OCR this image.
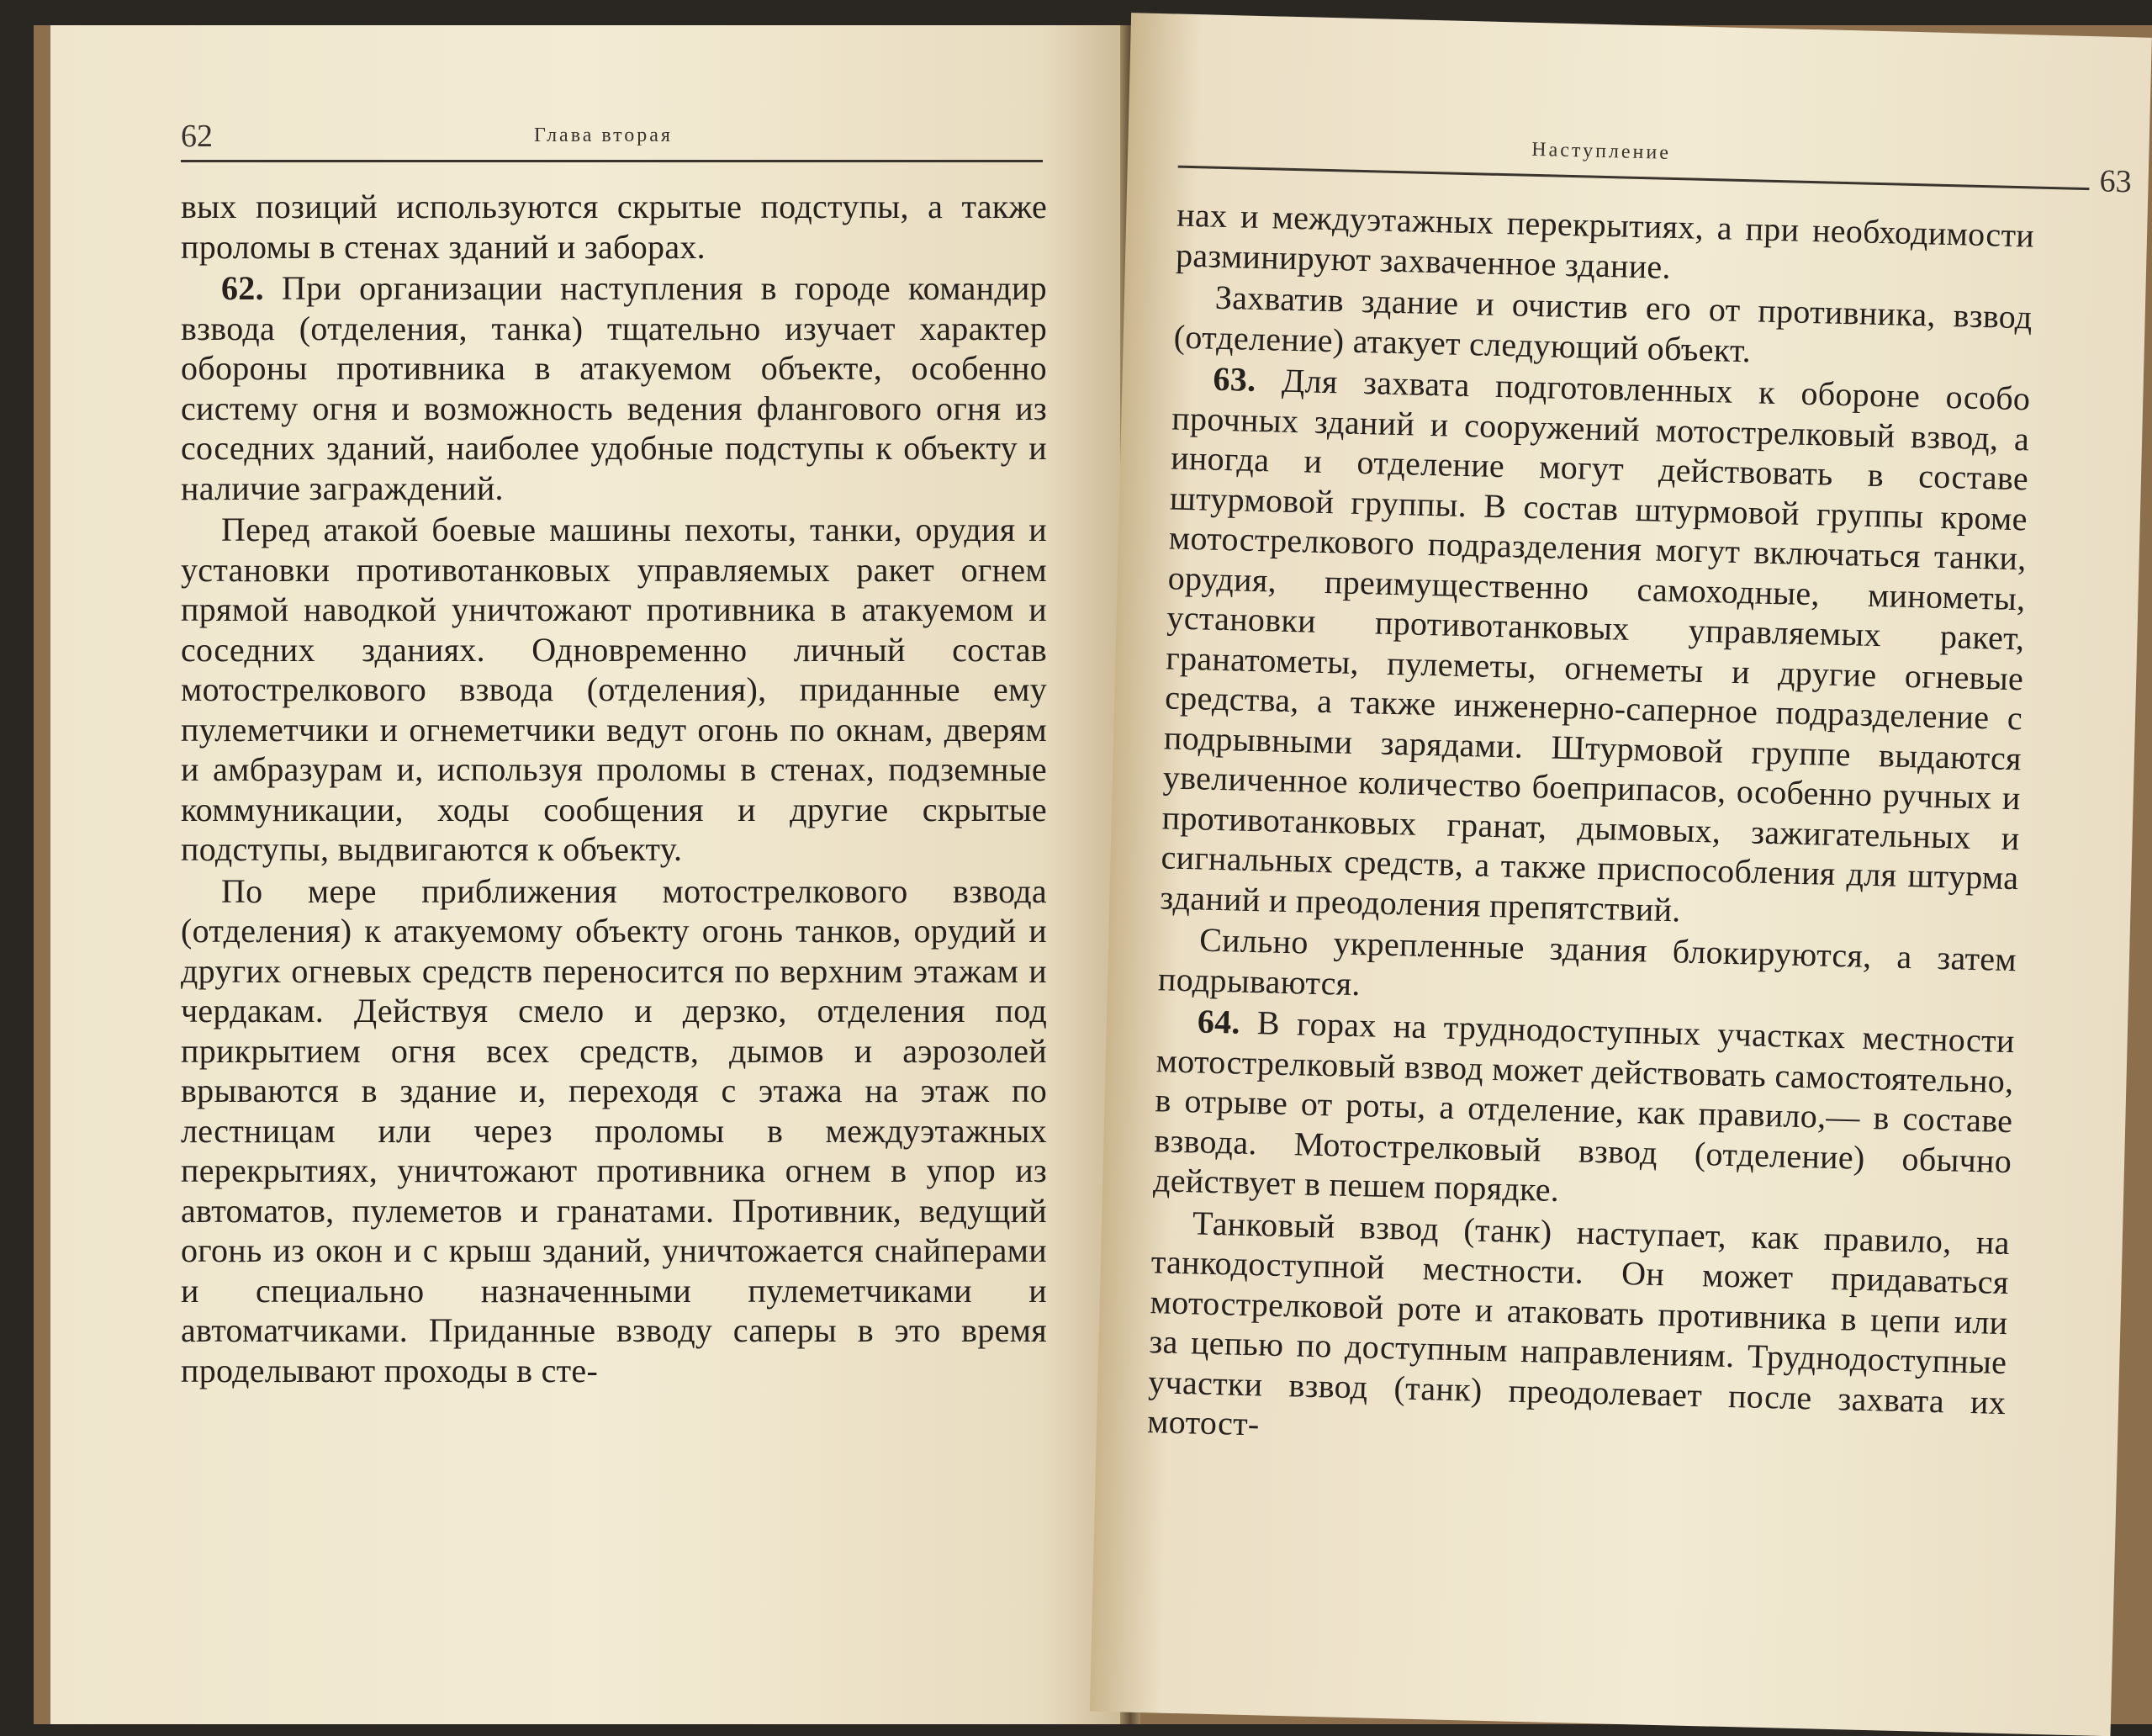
62	Глава вторая

вых позиций используются скрытые подступы, а также проломы в стенах зданий и заборах.

62. При организации наступления в городе командир взвода (отделения, танка) тщательно изучает характер обороны противника в атакуемом объекте, особенно систему огня и возможность ведения флангового огня из соседних зданий, наиболее удобные подступы к объекту и наличие заграждений.

Перед атакой боевые машины пехоты, танки, орудия и установки противотанковых управляемых ракет огнем прямой наводкой уничтожают противника в атакуемом и соседних зданиях. Одновременно личный состав мотострелкового взвода (отделения), приданные ему пулеметчики и огнеметчики ведут огонь по окнам, дверям и амбразурам и, используя проломы в стенах, подземные коммуникации, ходы сообщения и другие скрытые подступы, выдвигаются к объекту.

По мере приближения мотострелкового взвода (отделения) к атакуемому объекту огонь танков, орудий и других огневых средств переносится по верхним этажам и чердакам. Действуя смело и дерзко, отделения под прикрытием огня всех средств, дымов и аэрозолей врываются в здание и, переходя с этажа на этаж по лестницам или через проломы в междуэтажных перекрытиях, уничтожают противника огнем в упор из автоматов, пулеметов и гранатами. Противник, ведущий огонь из окон и с крыш зданий, уничтожается снайперами и специально назначенными пулеметчиками и автоматчиками. Приданные взводу саперы в это время проделывают проходы в сте-

Наступление
63

нах и междуэтажных перекрытиях, а при необходимости разминируют захваченное здание.

Захватив здание и очистив его от противника, взвод (отделение) атакует следующий объект.

63. Для захвата подготовленных к обороне особо прочных зданий и сооружений мотострелковый взвод, а иногда и отделение могут действовать в составе штурмовой группы. В состав штурмовой группы кроме мотострелкового подразделения могут включаться танки, орудия, преимущественно самоходные, минометы, установки противотанковых управляемых ракет, гранатометы, пулеметы, огнеметы и другие огневые средства, а также инженерно-саперное подразделение с подрывными зарядами. Штурмовой группе выдаются увеличенное количество боеприпасов, особенно ручных и противотанковых гранат, дымовых, зажигательных и сигнальных средств, а также приспособления для штурма зданий и преодоления препятствий.

Сильно укрепленные здания блокируются, а затем подрываются.

64. В горах на труднодоступных участках местности мотострелковый взвод может действовать самостоятельно, в отрыве от роты, а отделение, как правило,— в составе взвода. Мотострелковый взвод (отделение) обычно действует в пешем порядке.

Танковый взвод (танк) наступает, как правило, на танкодоступной местности. Он может придаваться мотострелковой роте и атаковать противника в цепи или за цепью по доступным направлениям. Труднодоступные участки взвод (танк) преодолевает после захвата их мотост-
